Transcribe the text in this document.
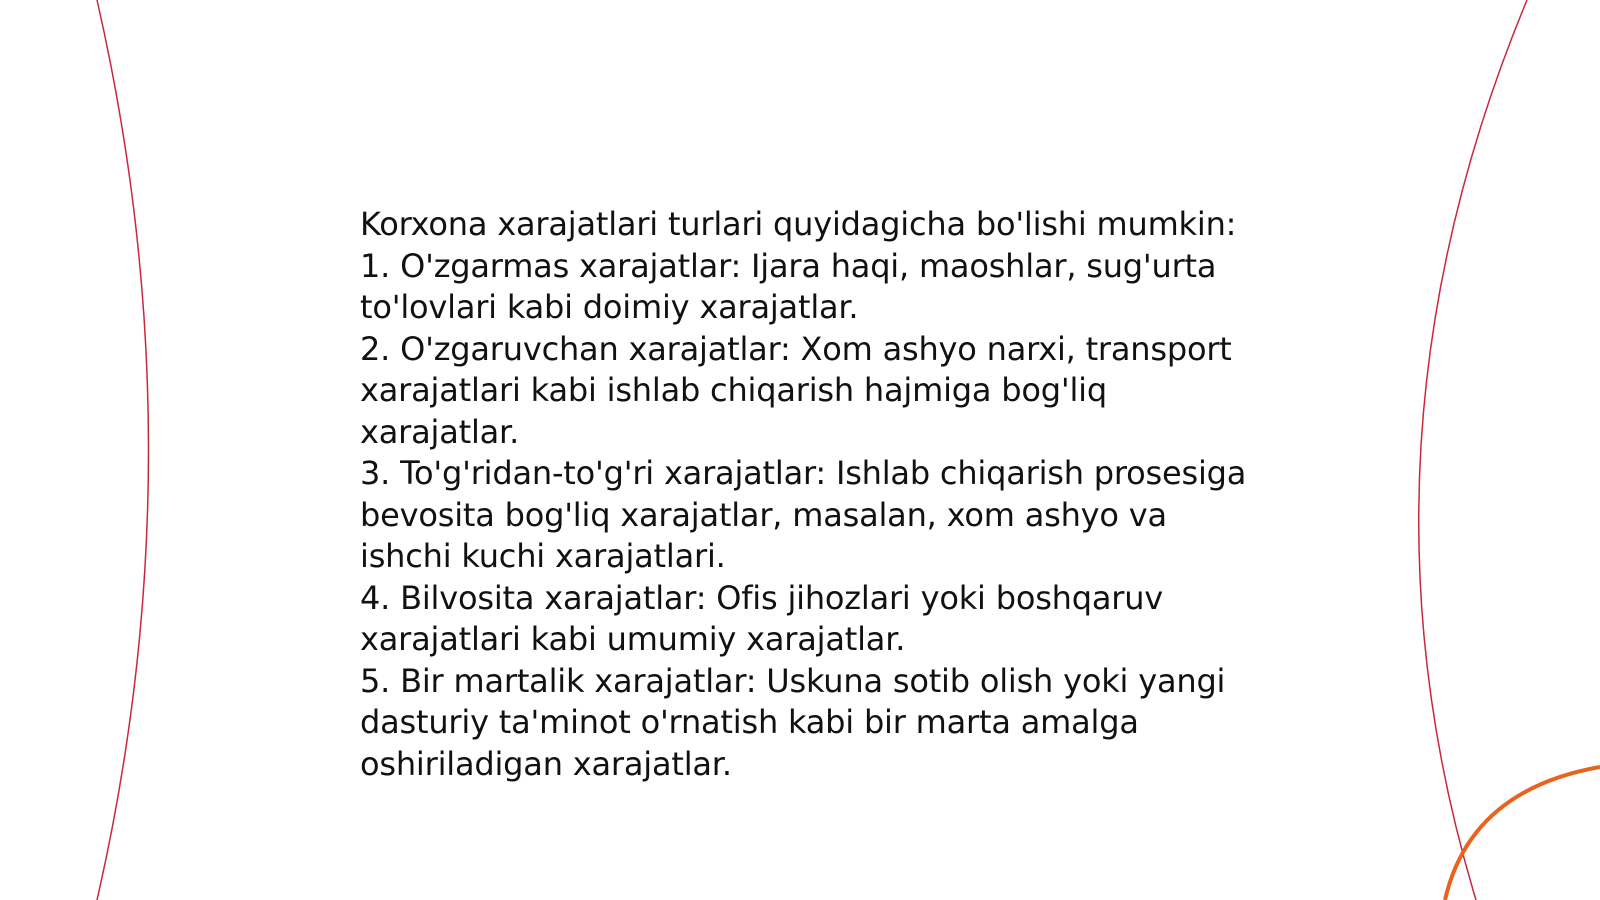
Korxona xarajatlari turlari quyidagicha bo'lishi mumkin:

1. O'zgarmas xarajatlar: Ijara haqi, maoshlar, sug'urta to'lovlari kabi doimiy xarajatlar.

2. O'zgaruvchan xarajatlar: Xom ashyo narxi, transport xarajatlari kabi ishlab chiqarish hajmiga bog'liq xarajatlar.

3. To'g'ridan-to'g'ri xarajatlar: Ishlab chiqarish prosesiga bevosita bog'liq xarajatlar, masalan, xom ashyo va ishchi kuchi xarajatlari.

4. Bilvosita xarajatlar: Ofis jihozlari yoki boshqaruv xarajatlari kabi umumiy xarajatlar.

5. Bir martalik xarajatlar: Uskuna sotib olish yoki yangi dasturiy ta'minot o'rnatish kabi bir marta amalga oshiriladigan xarajatlar.
